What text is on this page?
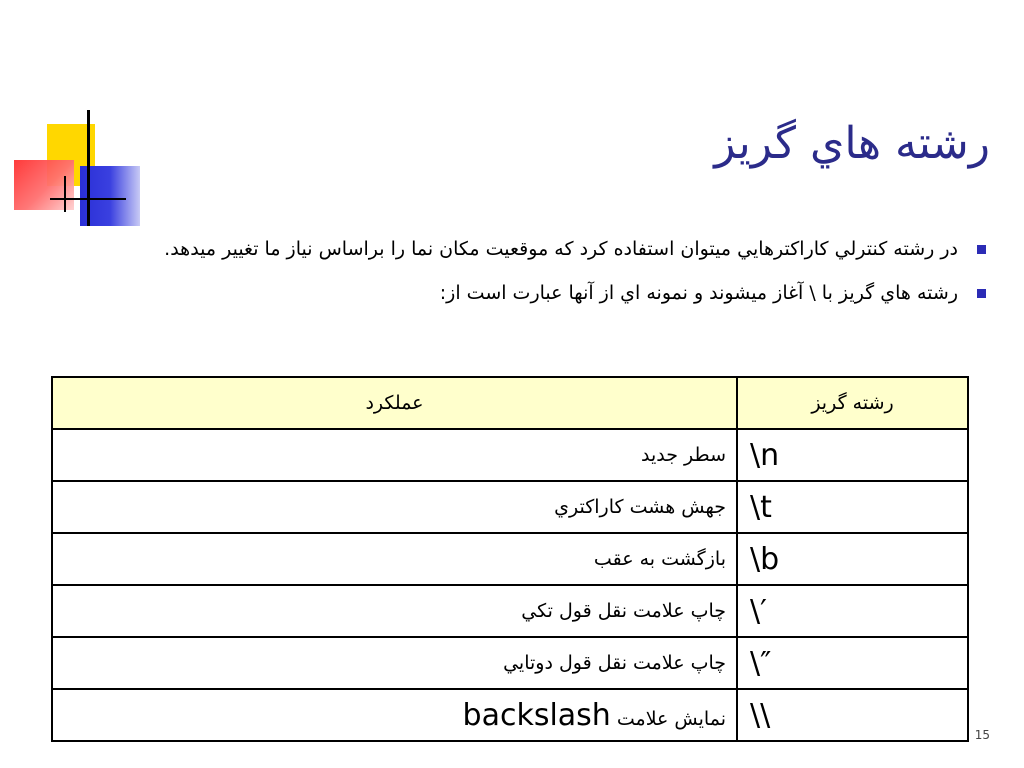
رشته هاي گريز
در رشته کنترلي کاراکترهايي ميتوان استفاده کرد که موقعيت مکان نما را براساس نياز ما تغيير ميدهد.
رشته هاي گريز با \ آغاز ميشوند و نمونه اي از آنها عبارت است از:
رشته گريز	عملکرد
\n	سطر جديد
\t	جهش هشت کاراکتري
\b	بازگشت به عقب
\′	چاپ علامت نقل قول تکي
\″	چاپ علامت نقل قول دوتايي
\\	نمايش علامت backslash
15
